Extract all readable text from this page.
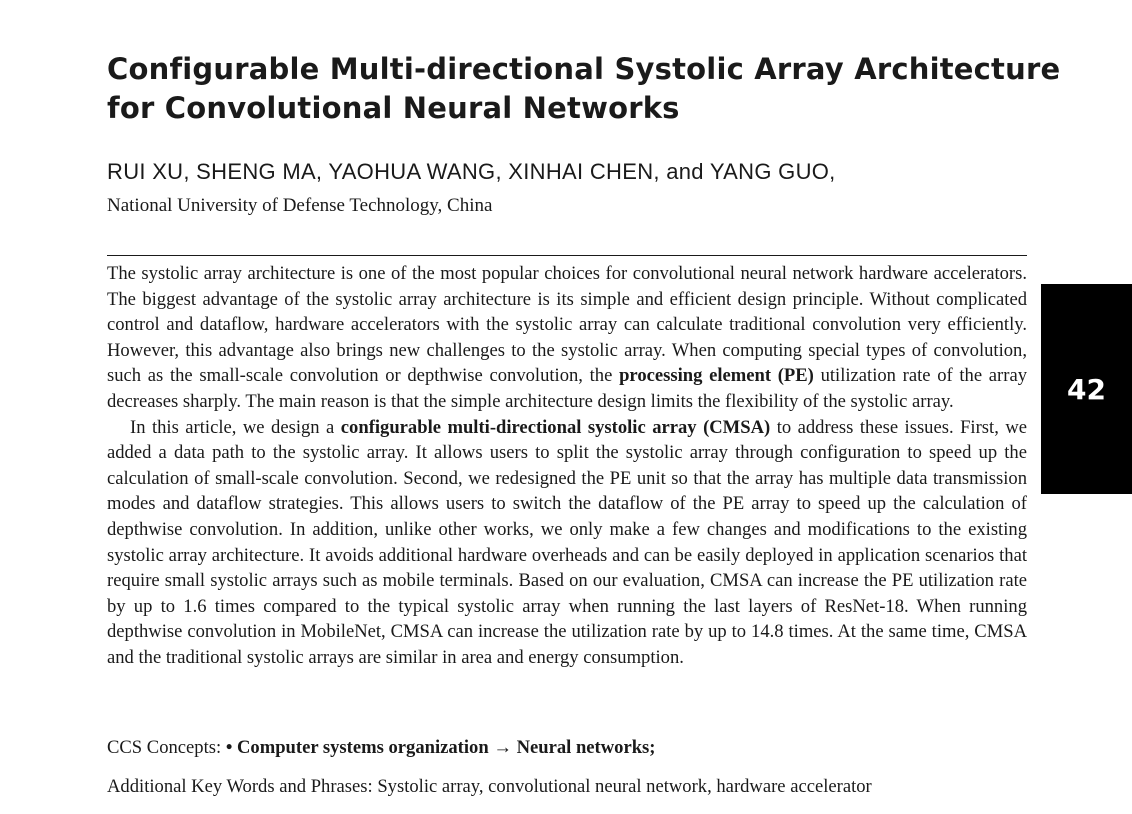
Configurable Multi-directional Systolic Array Architecture
for Convolutional Neural Networks
RUI XU, SHENG MA, YAOHUA WANG, XINHAI CHEN, and YANG GUO,
National University of Defense Technology, China

The systolic array architecture is one of the most popular choices for convolutional neural network hardware accelerators. The biggest advantage of the systolic array architecture is its simple and efficient design principle. Without complicated control and dataflow, hardware accelerators with the systolic array can calculate traditional convolution very efficiently. However, this advantage also brings new challenges to the systolic array. When computing special types of convolution, such as the small-scale convolution or depthwise convolution, the processing element (PE) utilization rate of the array decreases sharply. The main reason is that the simple architecture design limits the flexibility of the systolic array.

In this article, we design a configurable multi-directional systolic array (CMSA) to address these issues. First, we added a data path to the systolic array. It allows users to split the systolic array through configuration to speed up the calculation of small-scale convolution. Second, we redesigned the PE unit so that the array has multiple data transmission modes and dataflow strategies. This allows users to switch the dataflow of the PE array to speed up the calculation of depthwise convolution. In addition, unlike other works, we only make a few changes and modifications to the existing systolic array architecture. It avoids additional hardware overheads and can be easily deployed in application scenarios that require small systolic arrays such as mobile terminals. Based on our evaluation, CMSA can increase the PE utilization rate by up to 1.6 times compared to the typical systolic array when running the last layers of ResNet-18. When running depthwise convolution in MobileNet, CMSA can increase the utilization rate by up to 14.8 times. At the same time, CMSA and the traditional systolic arrays are similar in area and energy consumption.

CCS Concepts: • Computer systems organization → Neural networks;
Additional Key Words and Phrases: Systolic array, convolutional neural network, hardware accelerator
42
